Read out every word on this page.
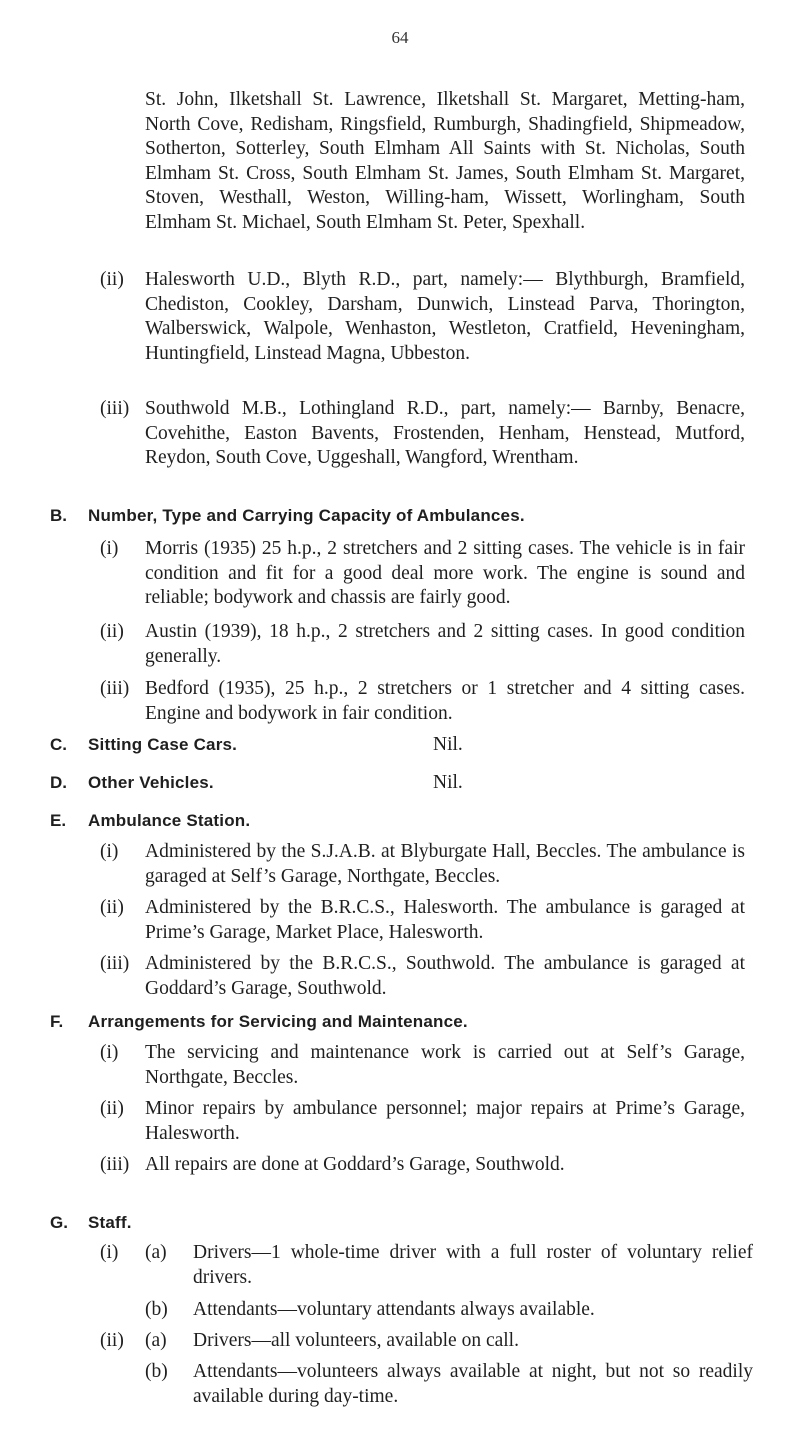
64
St. John, Ilketshall St. Lawrence, Ilketshall St. Margaret, Metting-ham, North Cove, Redisham, Ringsfield, Rumburgh, Shadingfield, Shipmeadow, Sotherton, Sotterley, South Elmham All Saints with St. Nicholas, South Elmham St. Cross, South Elmham St. James, South Elmham St. Margaret, Stoven, Westhall, Weston, Willing-ham, Wissett, Worlingham, South Elmham St. Michael, South Elmham St. Peter, Spexhall.
(ii)	Halesworth U.D., Blyth R.D., part, namely:— Blythburgh, Bramfield, Chediston, Cookley, Darsham, Dunwich, Linstead Parva, Thorington, Walberswick, Walpole, Wenhaston, Westleton, Cratfield, Heveningham, Huntingfield, Linstead Magna, Ubbeston.
(iii) Southwold M.B., Lothingland R.D., part, namely:— Barnby, Benacre, Covehithe, Easton Bavents, Frostenden, Henham, Henstead, Mutford, Reydon, South Cove, Uggeshall, Wangford, Wrentham.
B. Number, Type and Carrying Capacity of Ambulances.
(i)	Morris (1935) 25 h.p., 2 stretchers and 2 sitting cases. The vehicle is in fair condition and fit for a good deal more work. The engine is sound and reliable; bodywork and chassis are fairly good.
(ii)	Austin (1939), 18 h.p., 2 stretchers and 2 sitting cases. In good condition generally.
(iii) Bedford (1935), 25 h.p., 2 stretchers or 1 stretcher and 4 sitting cases. Engine and bodywork in fair condition.
C. Sitting Case Cars.	Nil.
D. Other Vehicles.	Nil.
E. Ambulance Station.
(i)	Administered by the S.J.A.B. at Blyburgate Hall, Beccles. The ambulance is garaged at Self’s Garage, Northgate, Beccles.
(ii)	Administered by the B.R.C.S., Halesworth. The ambulance is garaged at Prime’s Garage, Market Place, Halesworth.
(iii) Administered by the B.R.C.S., Southwold. The ambulance is garaged at Goddard’s Garage, Southwold.
F. Arrangements for Servicing and Maintenance.
(i)	The servicing and maintenance work is carried out at Self’s Garage, Northgate, Beccles.
(ii)	Minor repairs by ambulance personnel; major repairs at Prime’s Garage, Halesworth.
(iii) All repairs are done at Goddard’s Garage, Southwold.
G. Staff.
(i) (a) Drivers—1 whole-time driver with a full roster of voluntary relief drivers.
(b) Attendants—voluntary attendants always available.
(ii) (a) Drivers—all volunteers, available on call.
(b) Attendants—volunteers always available at night, but not so readily available during day-time.
